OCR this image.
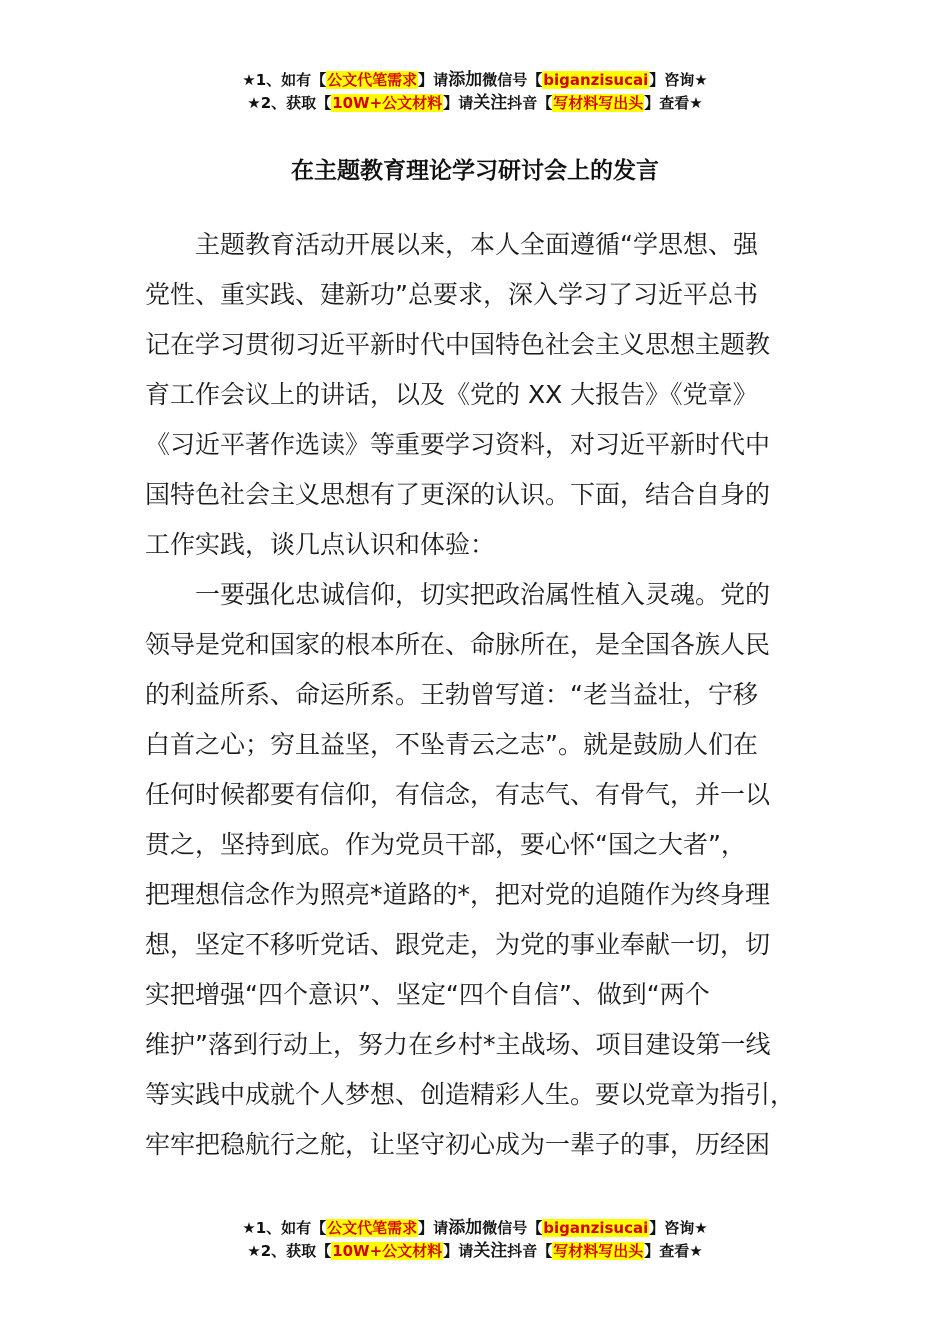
★1、如有【公文代笔需求】请添加微信号【biganzisucai】咨询★
★2、获取【10W+公文材料】请关注抖音【写材料写出头】查看★
在主题教育理论学习研讨会上的发言
主题教育活动开展以来，本人全面遵循“学思想、强
党性、重实践、建新功”总要求，深入学习了习近平总书
记在学习贯彻习近平新时代中国特色社会主义思想主题教
育工作会议上的讲话，以及《党的 XX 大报告》《党章》
《习近平著作选读》等重要学习资料，对习近平新时代中
国特色社会主义思想有了更深的认识。下面，结合自身的
工作实践，谈几点认识和体验：
一要强化忠诚信仰，切实把政治属性植入灵魂。党的
领导是党和国家的根本所在、命脉所在，是全国各族人民
的利益所系、命运所系。王勃曾写道：“老当益壮，宁移
白首之心；穷且益坚，不坠青云之志”。就是鼓励人们在
任何时候都要有信仰，有信念，有志气、有骨气，并一以
贯之，坚持到底。作为党员干部，要心怀“国之大者”，
把理想信念作为照亮*道路的*，把对党的追随作为终身理
想，坚定不移听党话、跟党走，为党的事业奉献一切，切
实把增强“四个意识”、坚定“四个自信”、做到“两个
维护”落到行动上，努力在乡村*主战场、项目建设第一线
等实践中成就个人梦想、创造精彩人生。要以党章为指引，
牢牢把稳航行之舵，让坚守初心成为一辈子的事，历经困
★1、如有【公文代笔需求】请添加微信号【biganzisucai】咨询★
★2、获取【10W+公文材料】请关注抖音【写材料写出头】查看★
